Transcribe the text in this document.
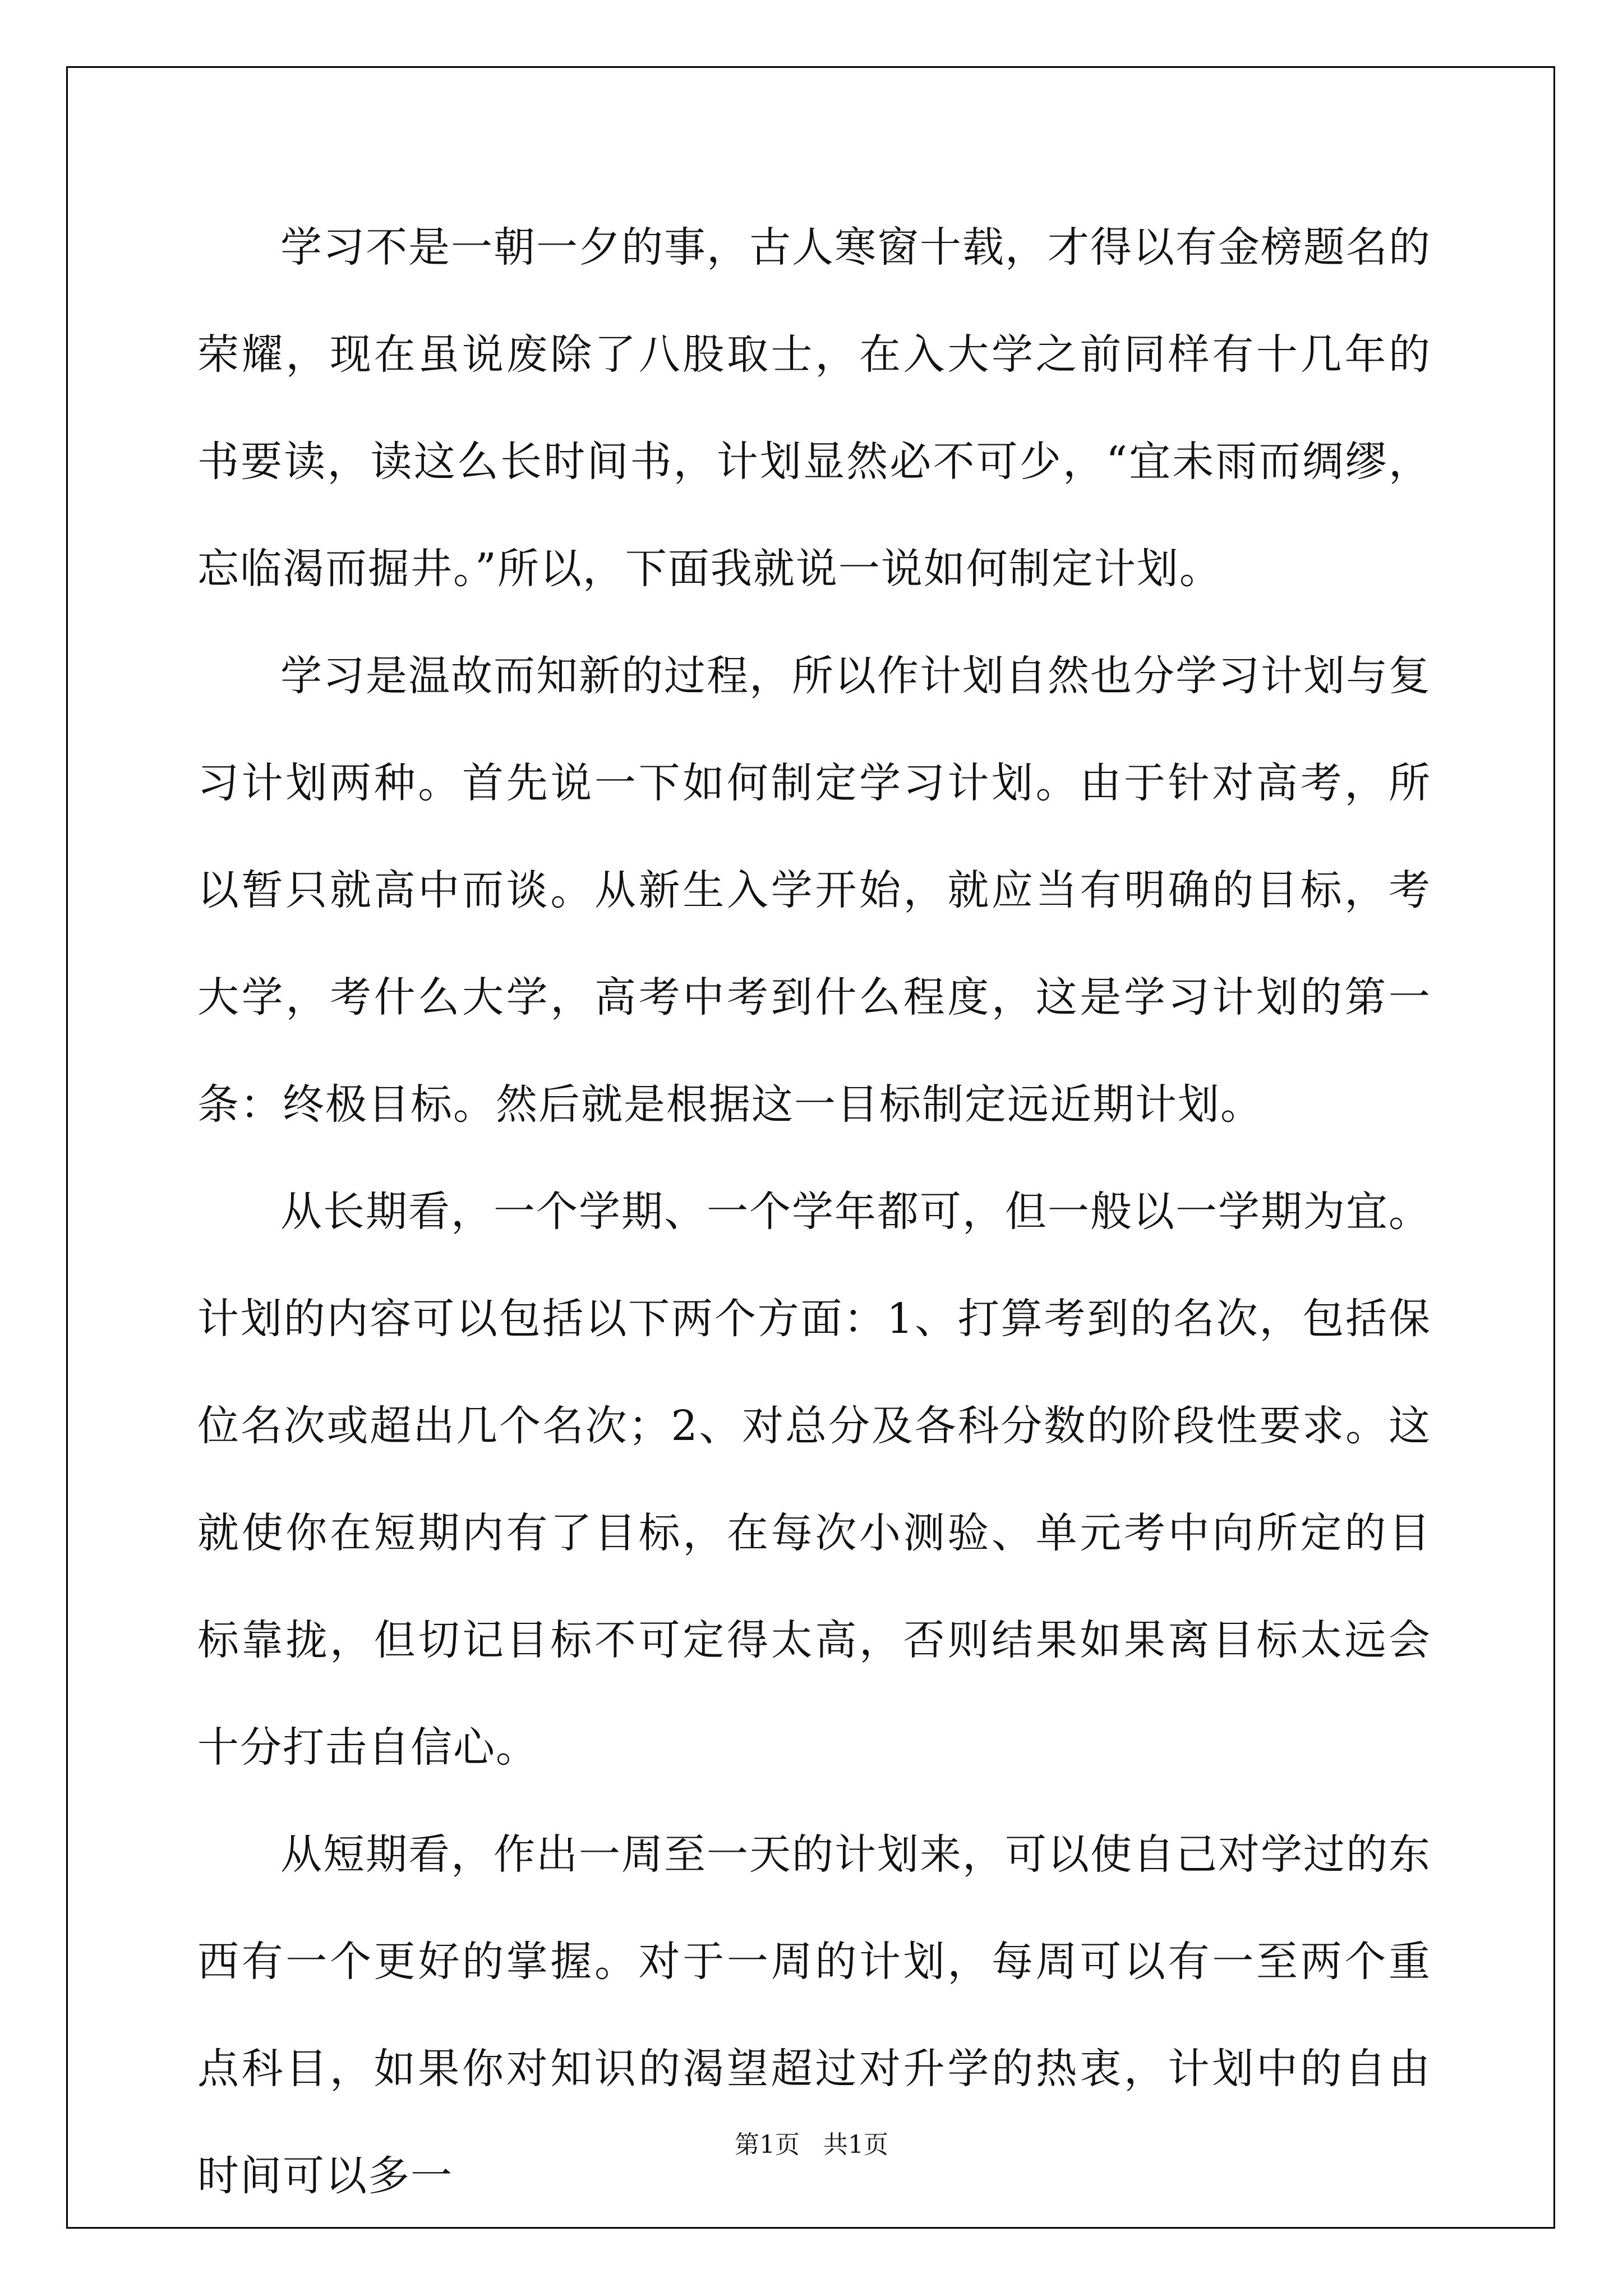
学习不是一朝一夕的事，古人寒窗十载，才得以有金榜题名的荣耀，现在虽说废除了八股取士，在入大学之前同样有十几年的书要读，读这么长时间书，计划显然必不可少，“宜未雨而绸缪，忘临渴而掘井。”所以，下面我就说一说如何制定计划。

学习是温故而知新的过程，所以作计划自然也分学习计划与复习计划两种。首先说一下如何制定学习计划。由于针对高考，所以暂只就高中而谈。从新生入学开始，就应当有明确的目标，考大学，考什么大学，高考中考到什么程度，这是学习计划的第一条：终极目标。然后就是根据这一目标制定远近期计划。

从长期看，一个学期、一个学年都可，但一般以一学期为宜。计划的内容可以包括以下两个方面：1、打算考到的名次，包括保位名次或超出几个名次；2、对总分及各科分数的阶段性要求。这就使你在短期内有了目标，在每次小测验、单元考中向所定的目标靠拢，但切记目标不可定得太高，否则结果如果离目标太远会十分打击自信心。

从短期看，作出一周至一天的计划来，可以使自己对学过的东西有一个更好的掌握。对于一周的计划，每周可以有一至两个重点科目，如果你对知识的渴望超过对升学的热衷，计划中的自由时间可以多一

第1页   共1页
